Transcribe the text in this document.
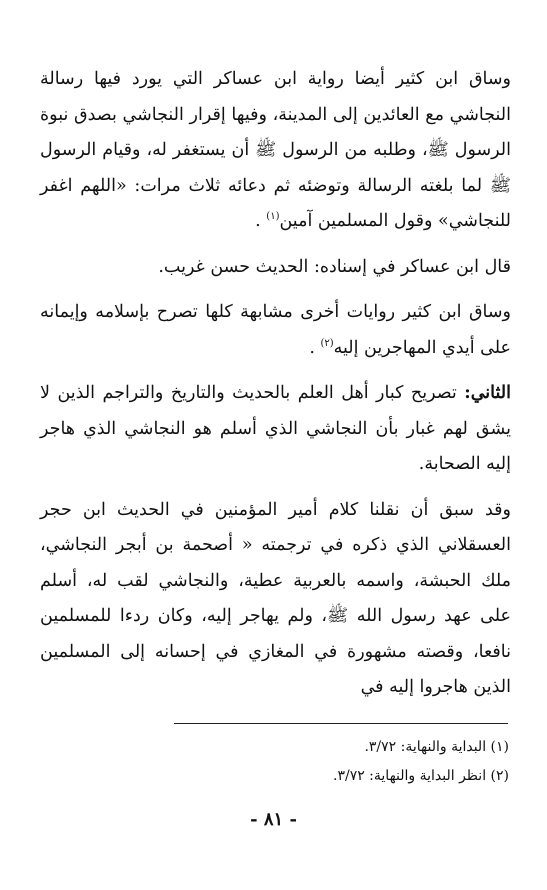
وساق ابن كثير أيضا رواية ابن عساكر التي يورد فيها رسالة النجاشي مع العائدين إلى المدينة، وفيها إقرار النجاشي بصدق نبوة الرسول ﷺ، وطلبه من الرسول ﷺ أن يستغفر له، وقيام الرسول ﷺ لما بلغته الرسالة وتوضئه ثم دعائه ثلاث مرات: «اللهم اغفر للنجاشي» وقول المسلمين آمين$^{(١)}$ .

قال ابن عساكر في إسناده: الحديث حسن غريب.

وساق ابن كثير روايات أخرى مشابهة كلها تصرح بإسلامه وإيمانه على أيدي المهاجرين إليه$^{(٢)}$ .

الثاني: تصريح كبار أهل العلم بالحديث والتاريخ والتراجم الذين لا يشق لهم غبار بأن النجاشي الذي أسلم هو النجاشي الذي هاجر إليه الصحابة.

وقد سبق أن نقلنا كلام أمير المؤمنين في الحديث ابن حجر العسقلاني الذي ذكره في ترجمته « أصحمة بن أبجر النجاشي، ملك الحبشة، واسمه بالعربية عطية، والنجاشي لقب له، أسلم على عهد رسول الله ﷺ، ولم يهاجر إليه، وكان ردءا للمسلمين نافعا، وقصته مشهورة في المغازي في إحسانه إلى المسلمين الذين هاجروا إليه في

(١) البداية والنهاية: ٣/٧٢.

(٢) انظر البداية والنهاية: ٣/٧٢.

- ٨١ -
